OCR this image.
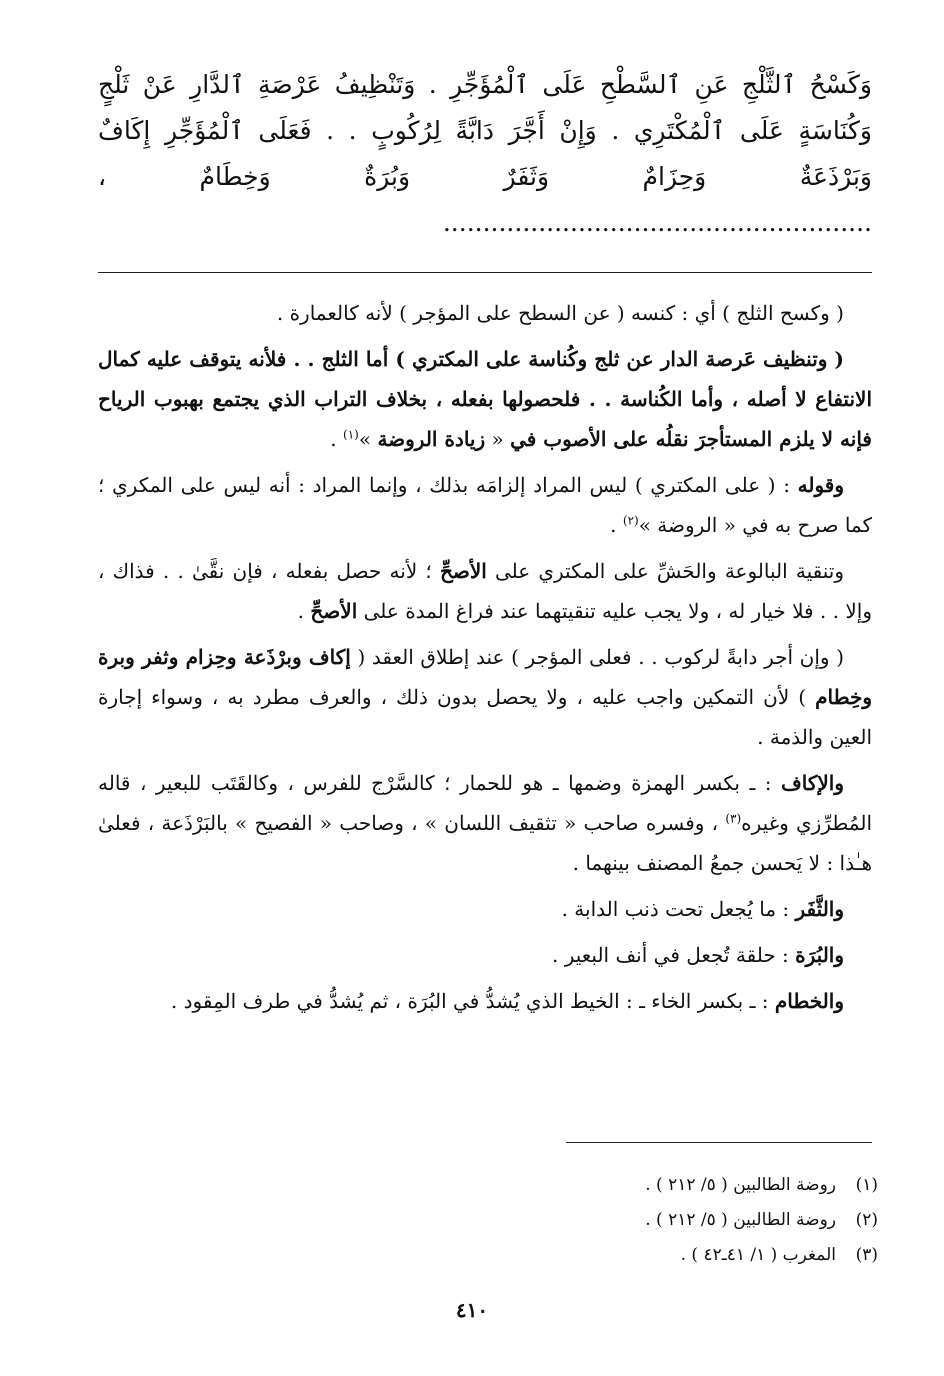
وَكَسْحُ ٱلثَّلْجِ عَنِ ٱلسَّطْحِ عَلَى ٱلْمُؤَجِّرِ . وَتَنْظِيفُ عَرْصَةِ ٱلدَّارِ عَنْ ثَلْجٍ وَكُنَاسَةٍ عَلَى ٱلْمُكْتَرِي . وَإِنْ أَجَّرَ دَابَّةً لِرُكُوبٍ . . فَعَلَى ٱلْمُؤَجِّرِ إِكَافٌ وَبَرْذَعَةٌ وَحِزَامٌ وَثَفَرٌ وَبُرَةٌ وَخِطَامٌ ، ......................................................

( وكسح الثلج ) أي : كنسه ( عن السطح على المؤجر ) لأنه كالعمارة .

( وتنظيف عَرصة الدار عن ثلج وكُناسة على المكتري ) أما الثلج . . فلأنه يتوقف عليه كمال الانتفاع لا أصله ، وأما الكُناسة . . فلحصولها بفعله ، بخلاف التراب الذي يجتمع بهبوب الرياح فإنه لا يلزم المستأجرَ نقلُه على الأصوب في « زيادة الروضة »$^{(١)}$ .

وقوله : ( على المكتري ) ليس المراد إلزامَه بذلك ، وإنما المراد : أنه ليس على المكري ؛ كما صرح به في « الروضة »$^{(٢)}$ .

وتنقية البالوعة والحَشِّ على المكتري على الأصحِّ ؛ لأنه حصل بفعله ، فإن نقَّىٰ . . فذاك ، وإلا . . فلا خيار له ، ولا يجب عليه تنقيتهما عند فراغ المدة على الأصحِّ .

( وإن أجر دابةً لركوب . . فعلى المؤجر ) عند إطلاق العقد ( إكاف وبرْذَعة وحِزام وثفر وبرة وخِطام ) لأن التمكين واجب عليه ، ولا يحصل بدون ذلك ، والعرف مطرد به ، وسواء إجارة العين والذمة .

والإكاف : ـ بكسر الهمزة وضمها ـ هو للحمار ؛ كالسَّرْج للفرس ، وكالقَتَب للبعير ، قاله المُطرِّزي وغيره$^{(٣)}$ ، وفسره صاحب « تثقيف اللسان » ، وصاحب « الفصيح » بالبَرْذَعة ، فعلىٰ هـٰذا : لا يَحسن جمعُ المصنف بينهما .

والثَّفَر : ما يُجعل تحت ذنب الدابة .

والبُرَة : حلقة تُجعل في أنف البعير .

والخطام : ـ بكسر الخاء ـ : الخيط الذي يُشدُّ في البُرَة ، ثم يُشدُّ في طرف المِقود .

(١)
روضة الطالبين ( ٥/ ٢١٢ ) .
(٢)
روضة الطالبين ( ٥/ ٢١٢ ) .
(٣)
المغرب ( ١/ ٤١ـ٤٢ ) .
٤١٠
